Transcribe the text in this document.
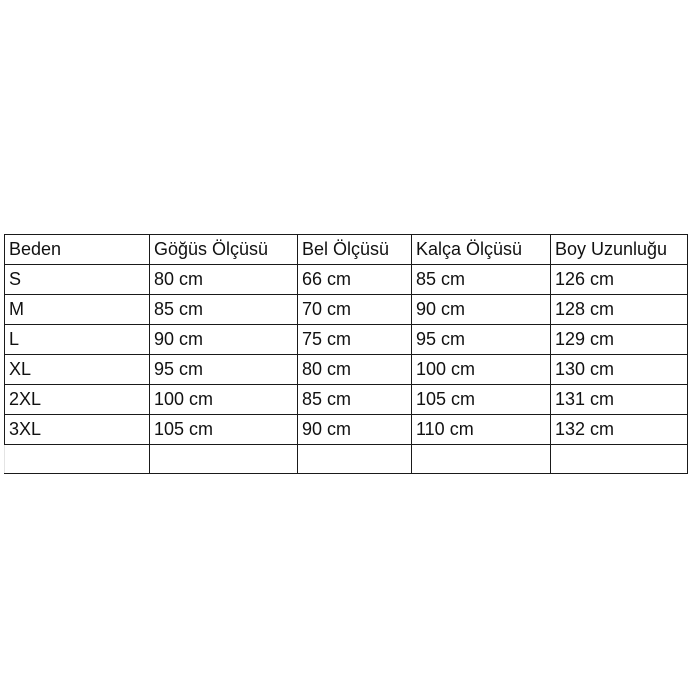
Beden	Göğüs Ölçüsü	Bel Ölçüsü	Kalça Ölçüsü	Boy Uzunluğu
S	80 cm	66 cm	85 cm	126 cm
M	85 cm	70 cm	90 cm	128 cm
L	90 cm	75 cm	95 cm	129 cm
XL	95 cm	80 cm	100 cm	130 cm
2XL	100 cm	85 cm	105 cm	131 cm
3XL	105 cm	90 cm	110 cm	132 cm
